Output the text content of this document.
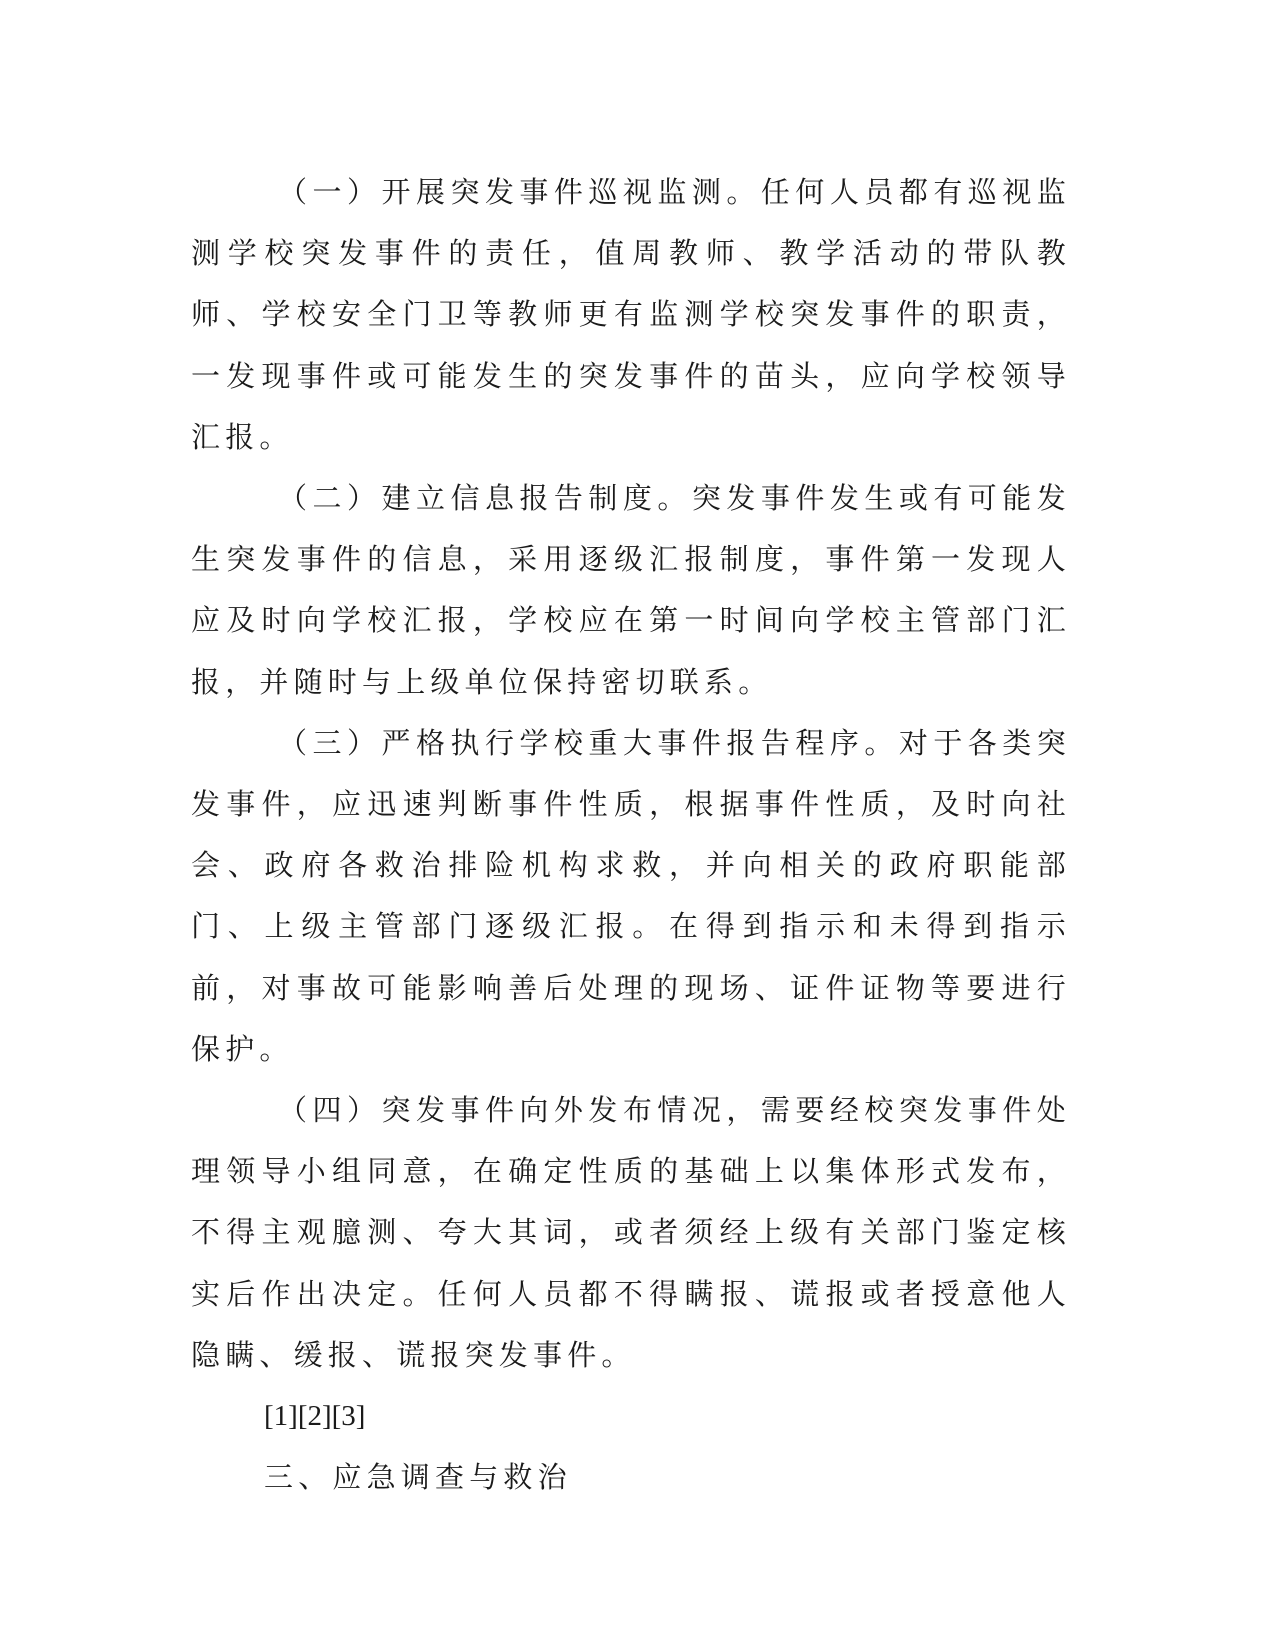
（一）开展突发事件巡视监测。任何人员都有巡视监测学校突发事件的责任，值周教师、教学活动的带队教师、学校安全门卫等教师更有监测学校突发事件的职责，一发现事件或可能发生的突发事件的苗头，应向学校领导汇报。

（二）建立信息报告制度。突发事件发生或有可能发生突发事件的信息，采用逐级汇报制度，事件第一发现人应及时向学校汇报，学校应在第一时间向学校主管部门汇报，并随时与上级单位保持密切联系。

（三）严格执行学校重大事件报告程序。对于各类突发事件，应迅速判断事件性质，根据事件性质，及时向社会、政府各救治排险机构求救，并向相关的政府职能部门、上级主管部门逐级汇报。在得到指示和未得到指示前，对事故可能影响善后处理的现场、证件证物等要进行保护。

（四）突发事件向外发布情况，需要经校突发事件处理领导小组同意，在确定性质的基础上以集体形式发布，不得主观臆测、夸大其词，或者须经上级有关部门鉴定核实后作出决定。任何人员都不得瞒报、谎报或者授意他人隐瞒、缓报、谎报突发事件。

[1][2][3]

三、应急调查与救治
